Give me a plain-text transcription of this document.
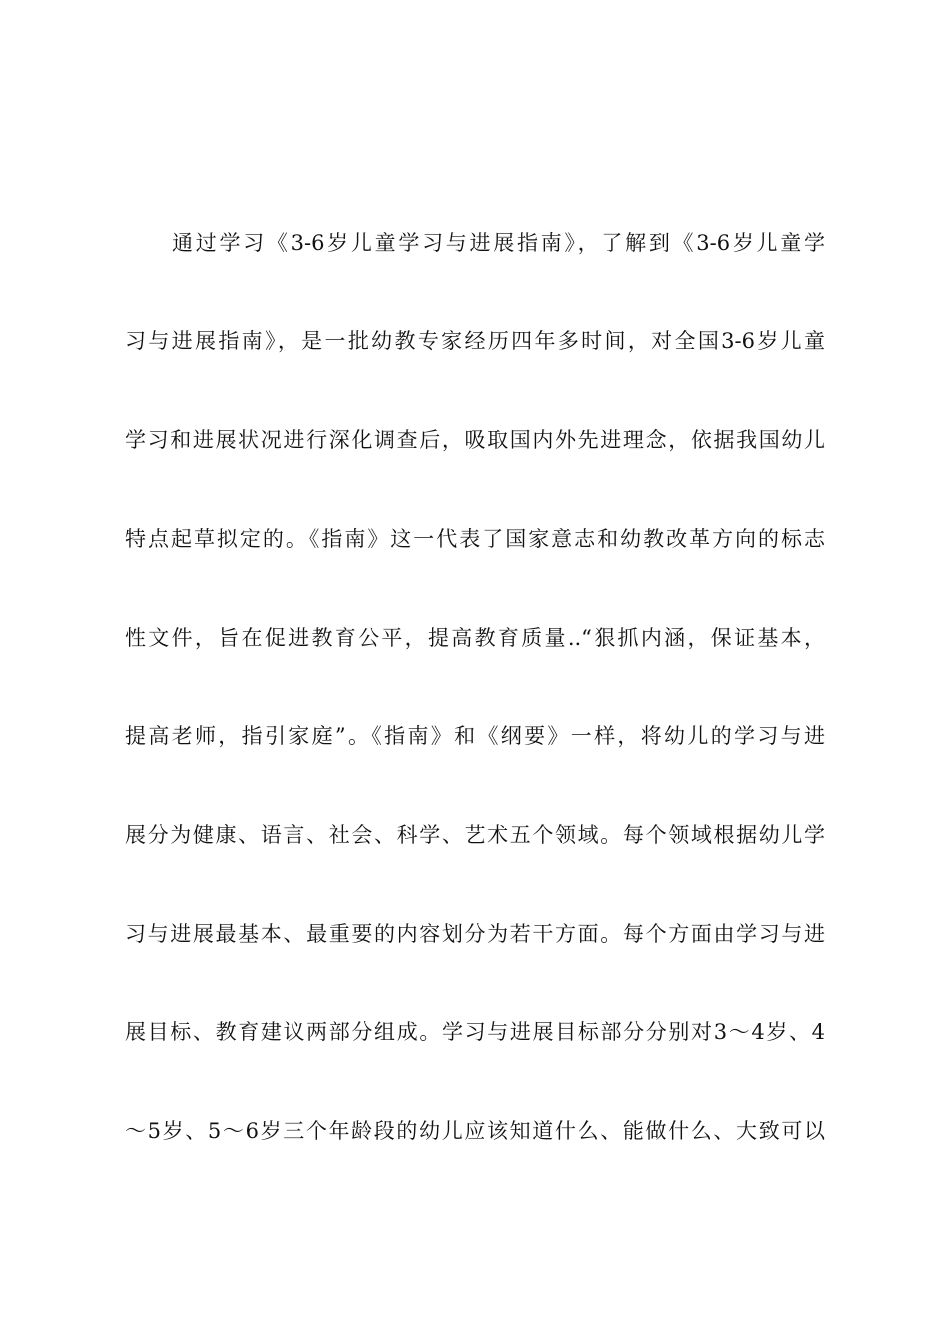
通过学习《3-6岁儿童学习与进展指南》，了解到《3-6岁儿童学
习与进展指南》，是一批幼教专家经历四年多时间，对全国3-6岁儿童
学习和进展状况进行深化调查后，吸取国内外先进理念，依据我国幼儿
特点起草拟定的。《指南》这一代表了国家意志和幼教改革方向的标志
性文件，旨在促进教育公平，提高教育质量..“狠抓内涵，保证基本，
提高老师，指引家庭”。《指南》和《纲要》一样，将幼儿的学习与进
展分为健康、语言、社会、科学、艺术五个领域。每个领域根据幼儿学
习与进展最基本、最重要的内容划分为若干方面。每个方面由学习与进
展目标、教育建议两部分组成。学习与进展目标部分分别对3～4岁、4
～5岁、5～6岁三个年龄段的幼儿应该知道什么、能做什么、大致可以
